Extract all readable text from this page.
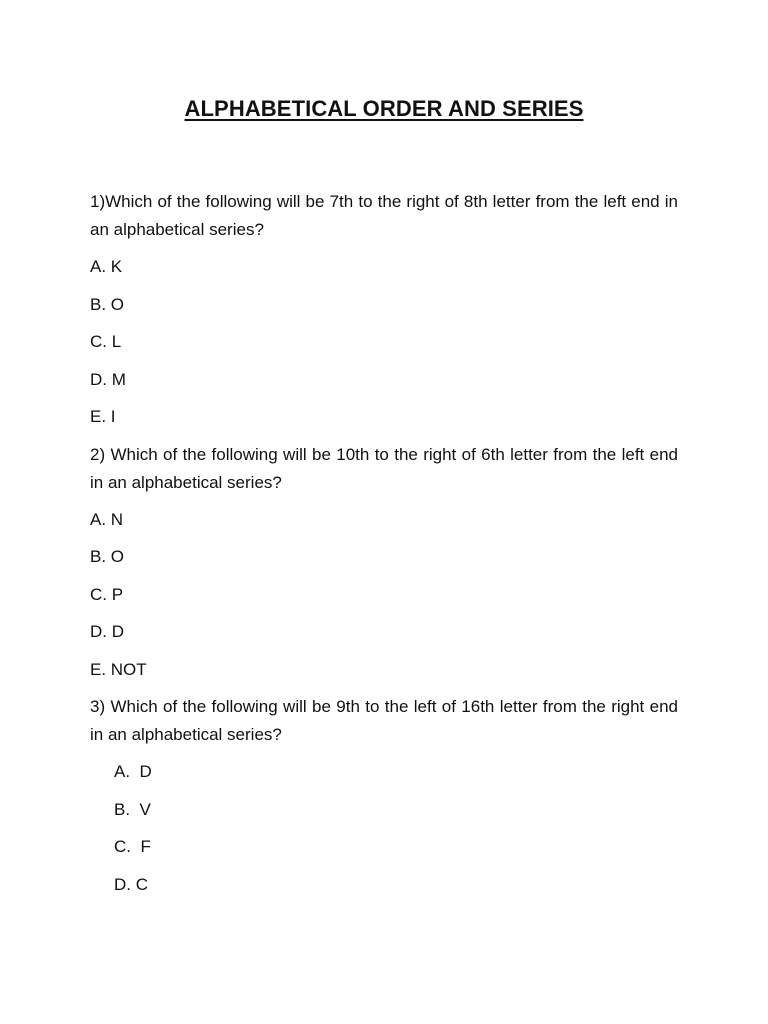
ALPHABETICAL ORDER AND SERIES

1)Which of the following will be 7th to the right of 8th letter from the left end in an alphabetical series?

A. K
B. O
C. L
D. M
E. I

2) Which of the following will be 10th to the right of 6th letter from the left end in an alphabetical series?

A. N
B. O
C. P
D. D
E. NOT

3) Which of the following will be 9th to the left of 16th letter from the right end in an alphabetical series?

A.  D
B.  V
C.  F
D. C
